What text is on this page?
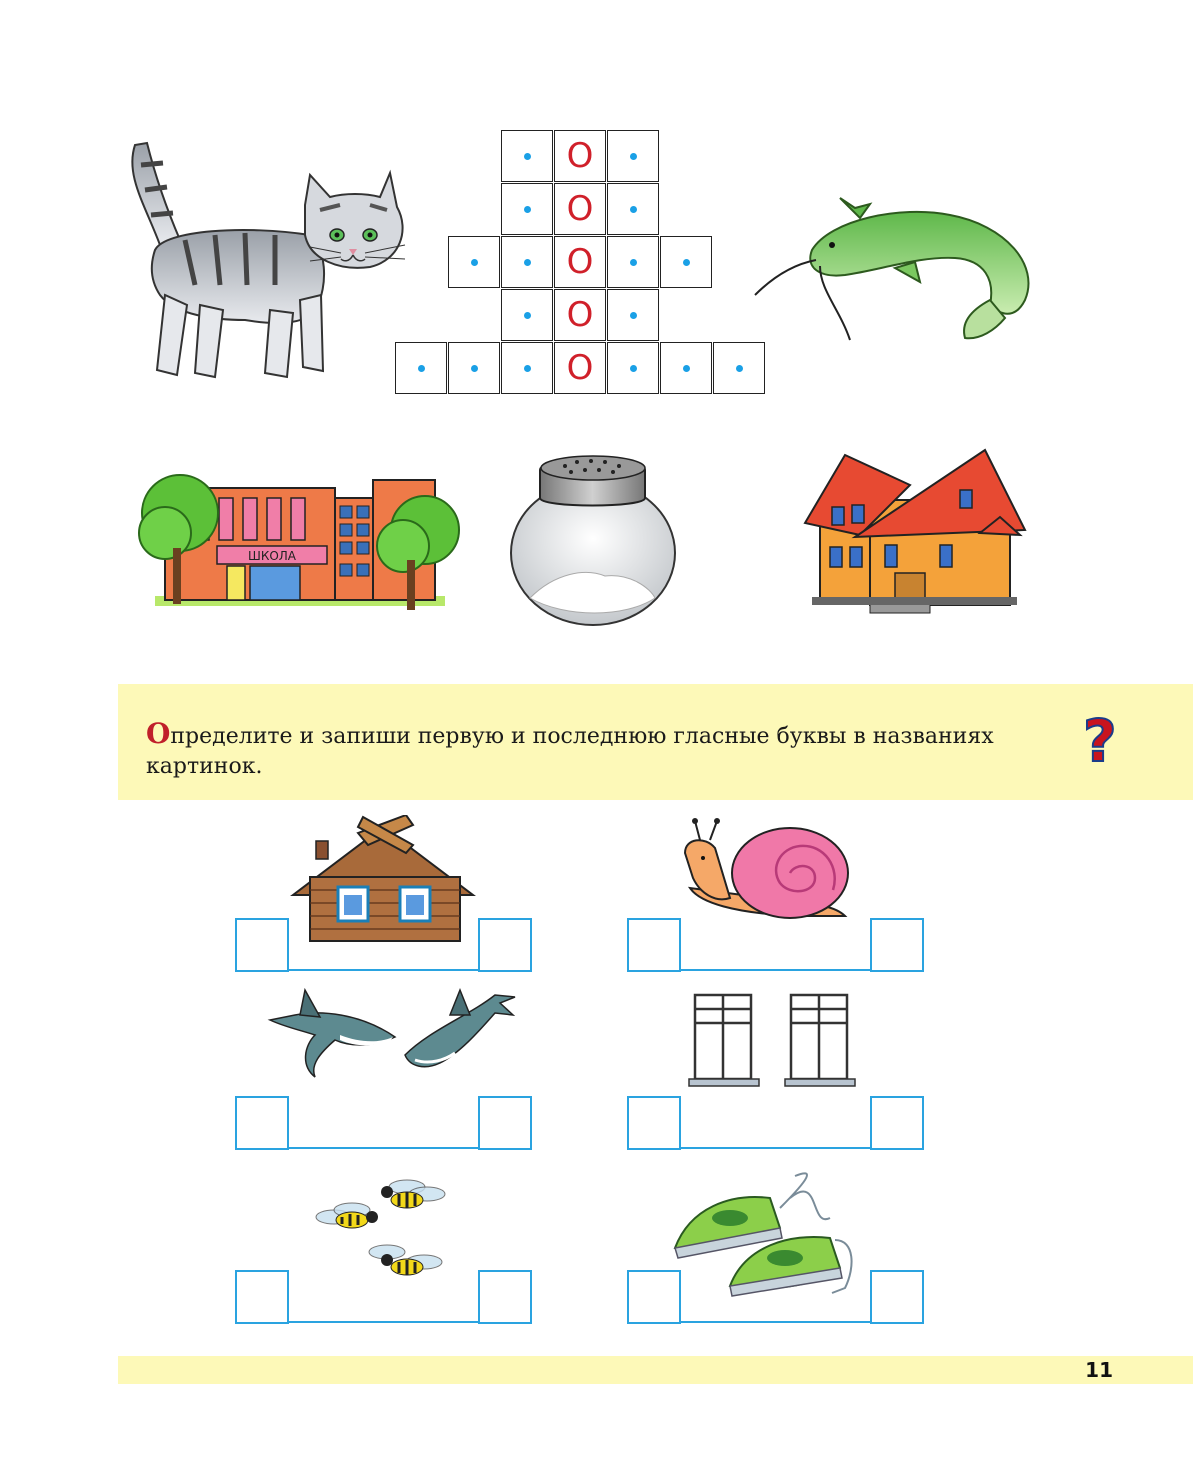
О
О
О
О
О
ШКОЛА
Определите и запиши первую и последнюю гласные буквы в названиях картинок.	?
11
